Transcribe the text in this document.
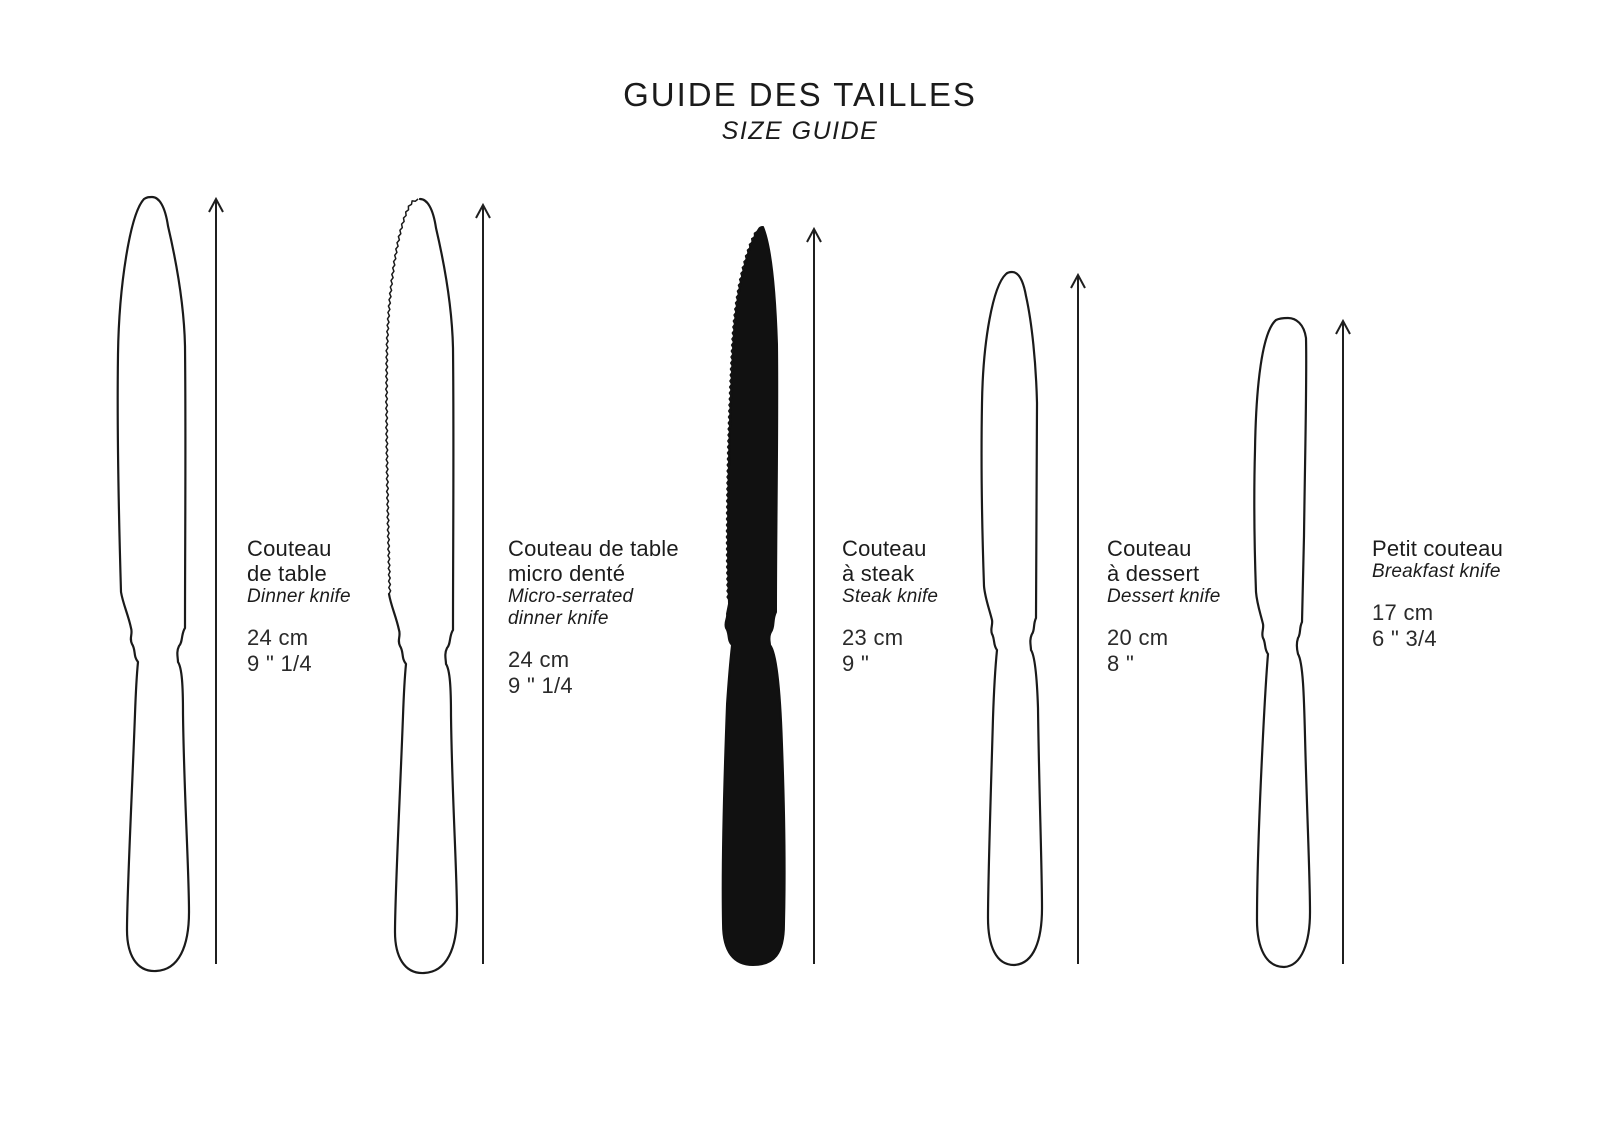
GUIDE DES TAILLES
SIZE GUIDE
Couteau
de table
Dinner knife
24 cm
9 " 1/4
Couteau de table
micro denté
Micro-serrated
dinner knife
24 cm
9 " 1/4
Couteau
à steak
Steak knife
23 cm
9 "
Couteau
à dessert
Dessert knife
20 cm
8 "
Petit couteau
Breakfast knife
17 cm
6 " 3/4
